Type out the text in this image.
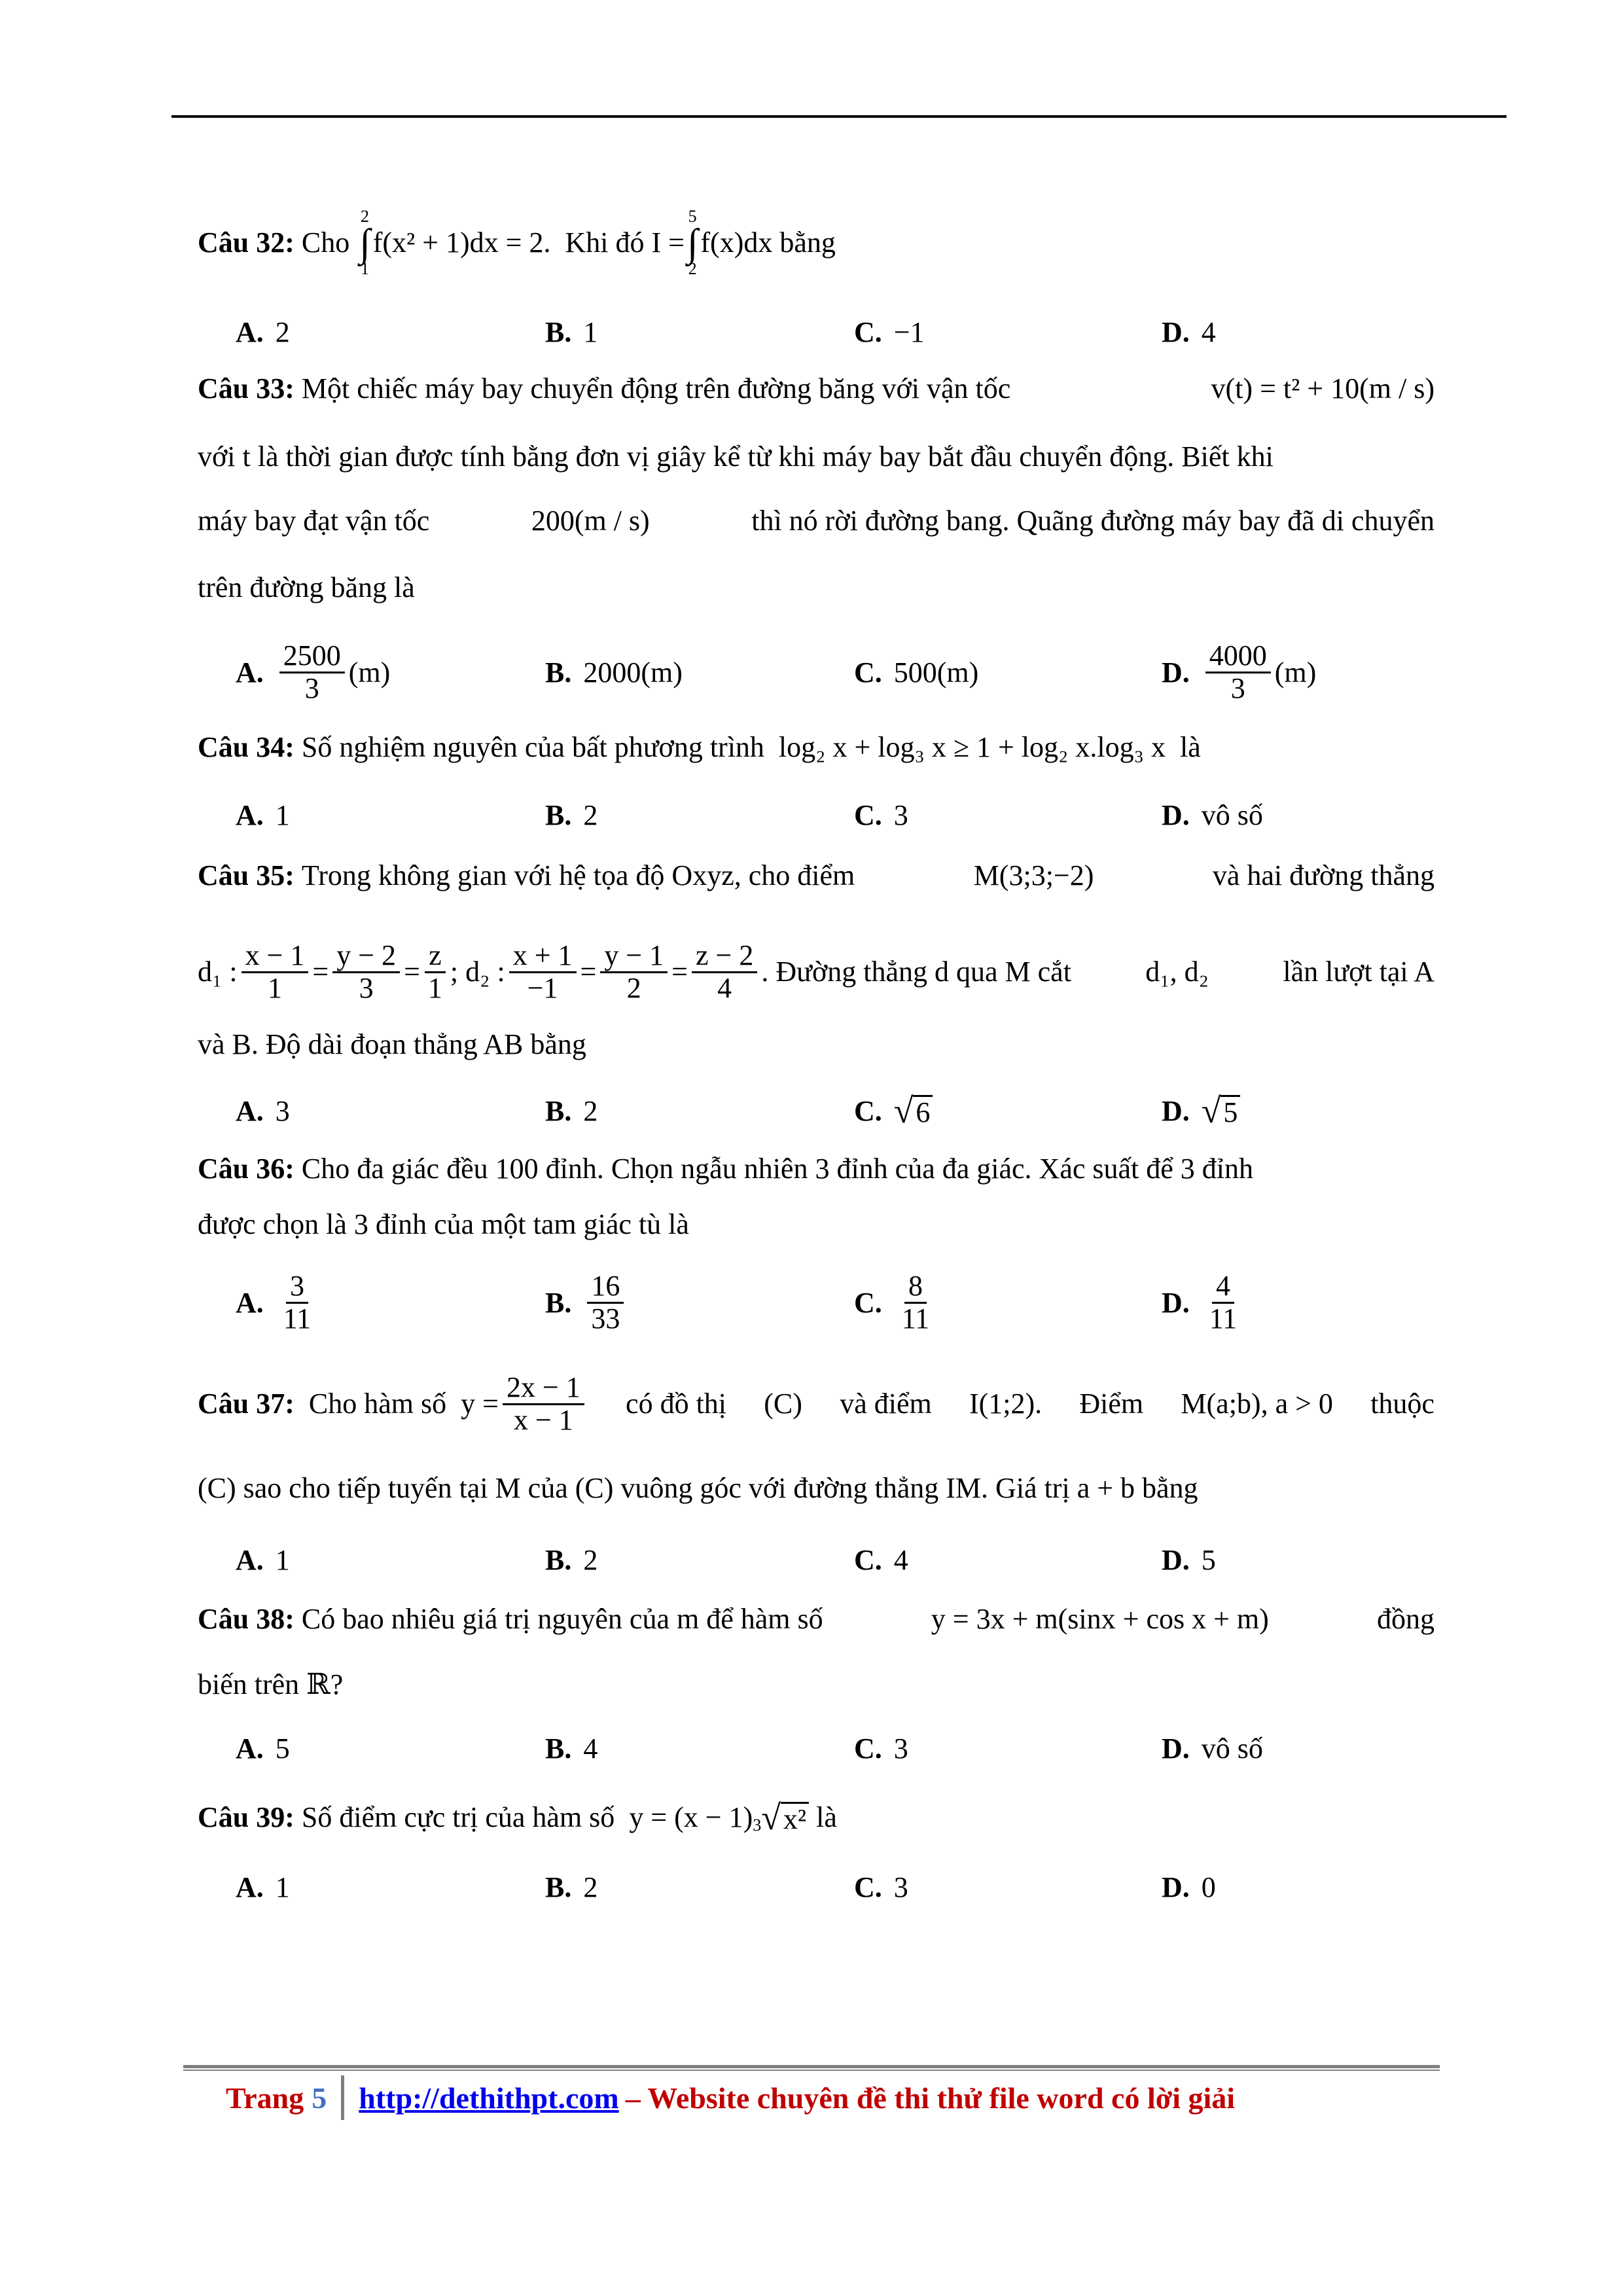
Câu 32:
Cho

2
∫
1
f(x² + 1)dx = 2.
Khi đó
I =
5
∫
2
f(x)dx
bằng
A. 2	B. 1	C. −1	D. 4
Câu 33: Một chiếc máy bay chuyển động trên đường băng với vận tốc	v(t) = t² + 10(m / s)
với t là thời gian được tính bằng đơn vị giây kể từ khi máy bay bắt đầu chuyển động. Biết khi
máy bay đạt vận tốc	200(m / s)	thì nó rời đường bang. Quãng đường máy bay đã di chuyển
trên đường băng là
A. $\frac{2500}{3} (m)$	B. 2000(m)	C. 500(m)	D. $\frac{4000}{3} (m)$
Câu 34: Số nghiệm nguyên của bất phương trình log₂ x + log₃ x ≥ 1 + log₂ x.log₃ x là
A. 1	B. 2	C. 3	D. vô số
Câu 35: Trong không gian với hệ tọa độ Oxyz, cho điểm	M(3;3;−2)	và hai đường thẳng
d₁ : $\frac{x - 1}{1} = \frac{y - 2}{3} = \frac{z}{1}$ ; d₂ : $\frac{x + 1}{-1} = \frac{y - 1}{2} = \frac{z - 2}{4}$ . Đường thẳng d qua M cắt	d₁, d₂	lần lượt tại A
và B. Độ dài đoạn thẳng AB bằng
A. 3	B. 2	C. √ 6	D. √ 5
Câu 36: Cho đa giác đều 100 đỉnh. Chọn ngẫu nhiên 3 đỉnh của đa giác. Xác suất để 3 đỉnh
được chọn là 3 đỉnh của một tam giác tù là
A. $\frac{3}{11}$	B. $\frac{16}{33}$	C. $\frac{8}{11}$	D. $\frac{4}{11}$
Câu 37:
Cho hàm số
$y = \frac{2x - 1}{x - 1}$ có đồ thị (C) và điểm I(1;2). Điểm M(a;b), a > 0 thuộc
(C) sao cho tiếp tuyến tại M của (C) vuông góc với đường thẳng IM. Giá trị a + b bằng
A. 1	B. 2	C. 4	D. 5
Câu 38: Có bao nhiêu giá trị nguyên của m để hàm số	y = 3x + m(sinx + cos x + m)	đồng
biến trên ℝ?
A. 5	B. 4	C. 3	D. vô số
Câu 39:
Số điểm cực trị của hàm số
y = (x − 1) 3 √ x²
là
A. 1	B. 2	C. 3	D. 0
Trang 5 http://dethithpt.com – Website chuyên đề thi thử file word có lời giải
